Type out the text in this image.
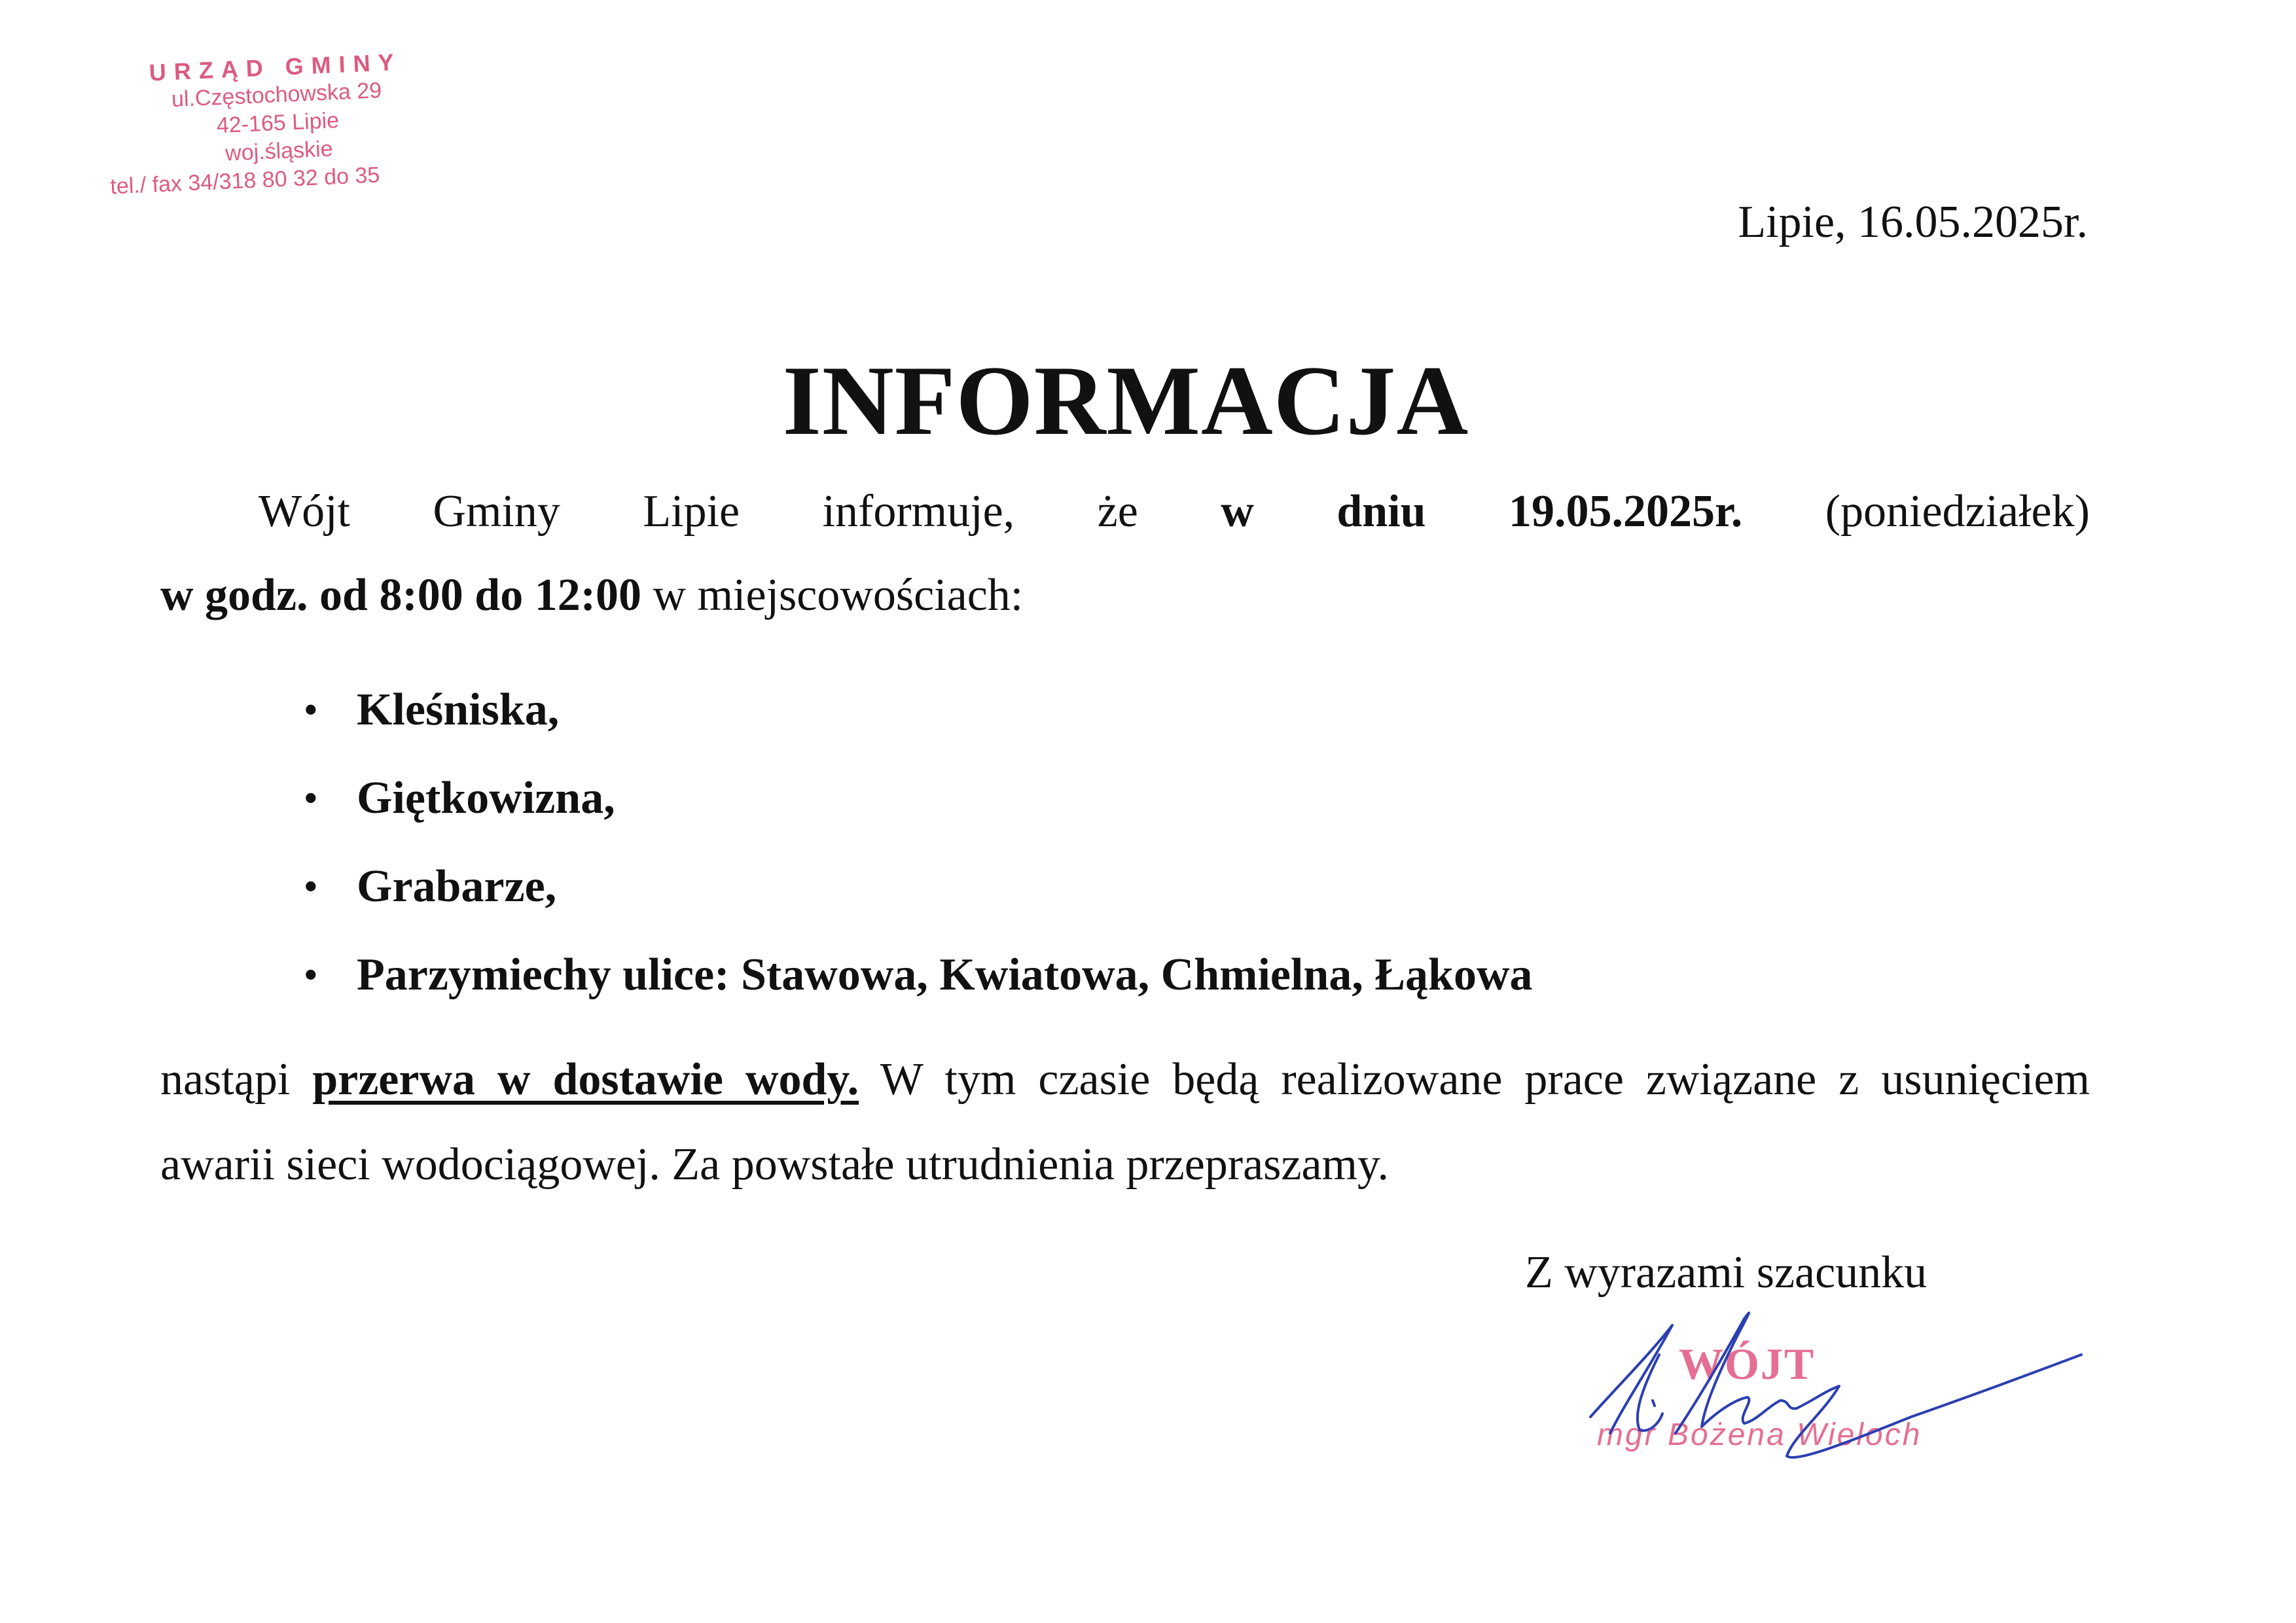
URZĄD GMINY
ul.Częstochowska 29
42-165 Lipie
woj.śląskie
tel./ fax 34/318 80 32 do 35
Lipie, 16.05.2025r.
INFORMACJA
Wójt Gminy Lipie informuje, że w dniu 19.05.2025r. (poniedziałek)
w godz. od 8:00 do 12:00 w miejscowościach:
• Kleśniska,
• Giętkowizna,
• Grabarze,
• Parzymiechy ulice: Stawowa, Kwiatowa, Chmielna, Łąkowa
nastąpi przerwa w dostawie wody. W tym czasie będą realizowane prace związane z usunięciem
awarii sieci wodociągowej. Za powstałe utrudnienia przepraszamy.
Z wyrazami szacunku
WÓJT
mgr Bożena Wieloch
